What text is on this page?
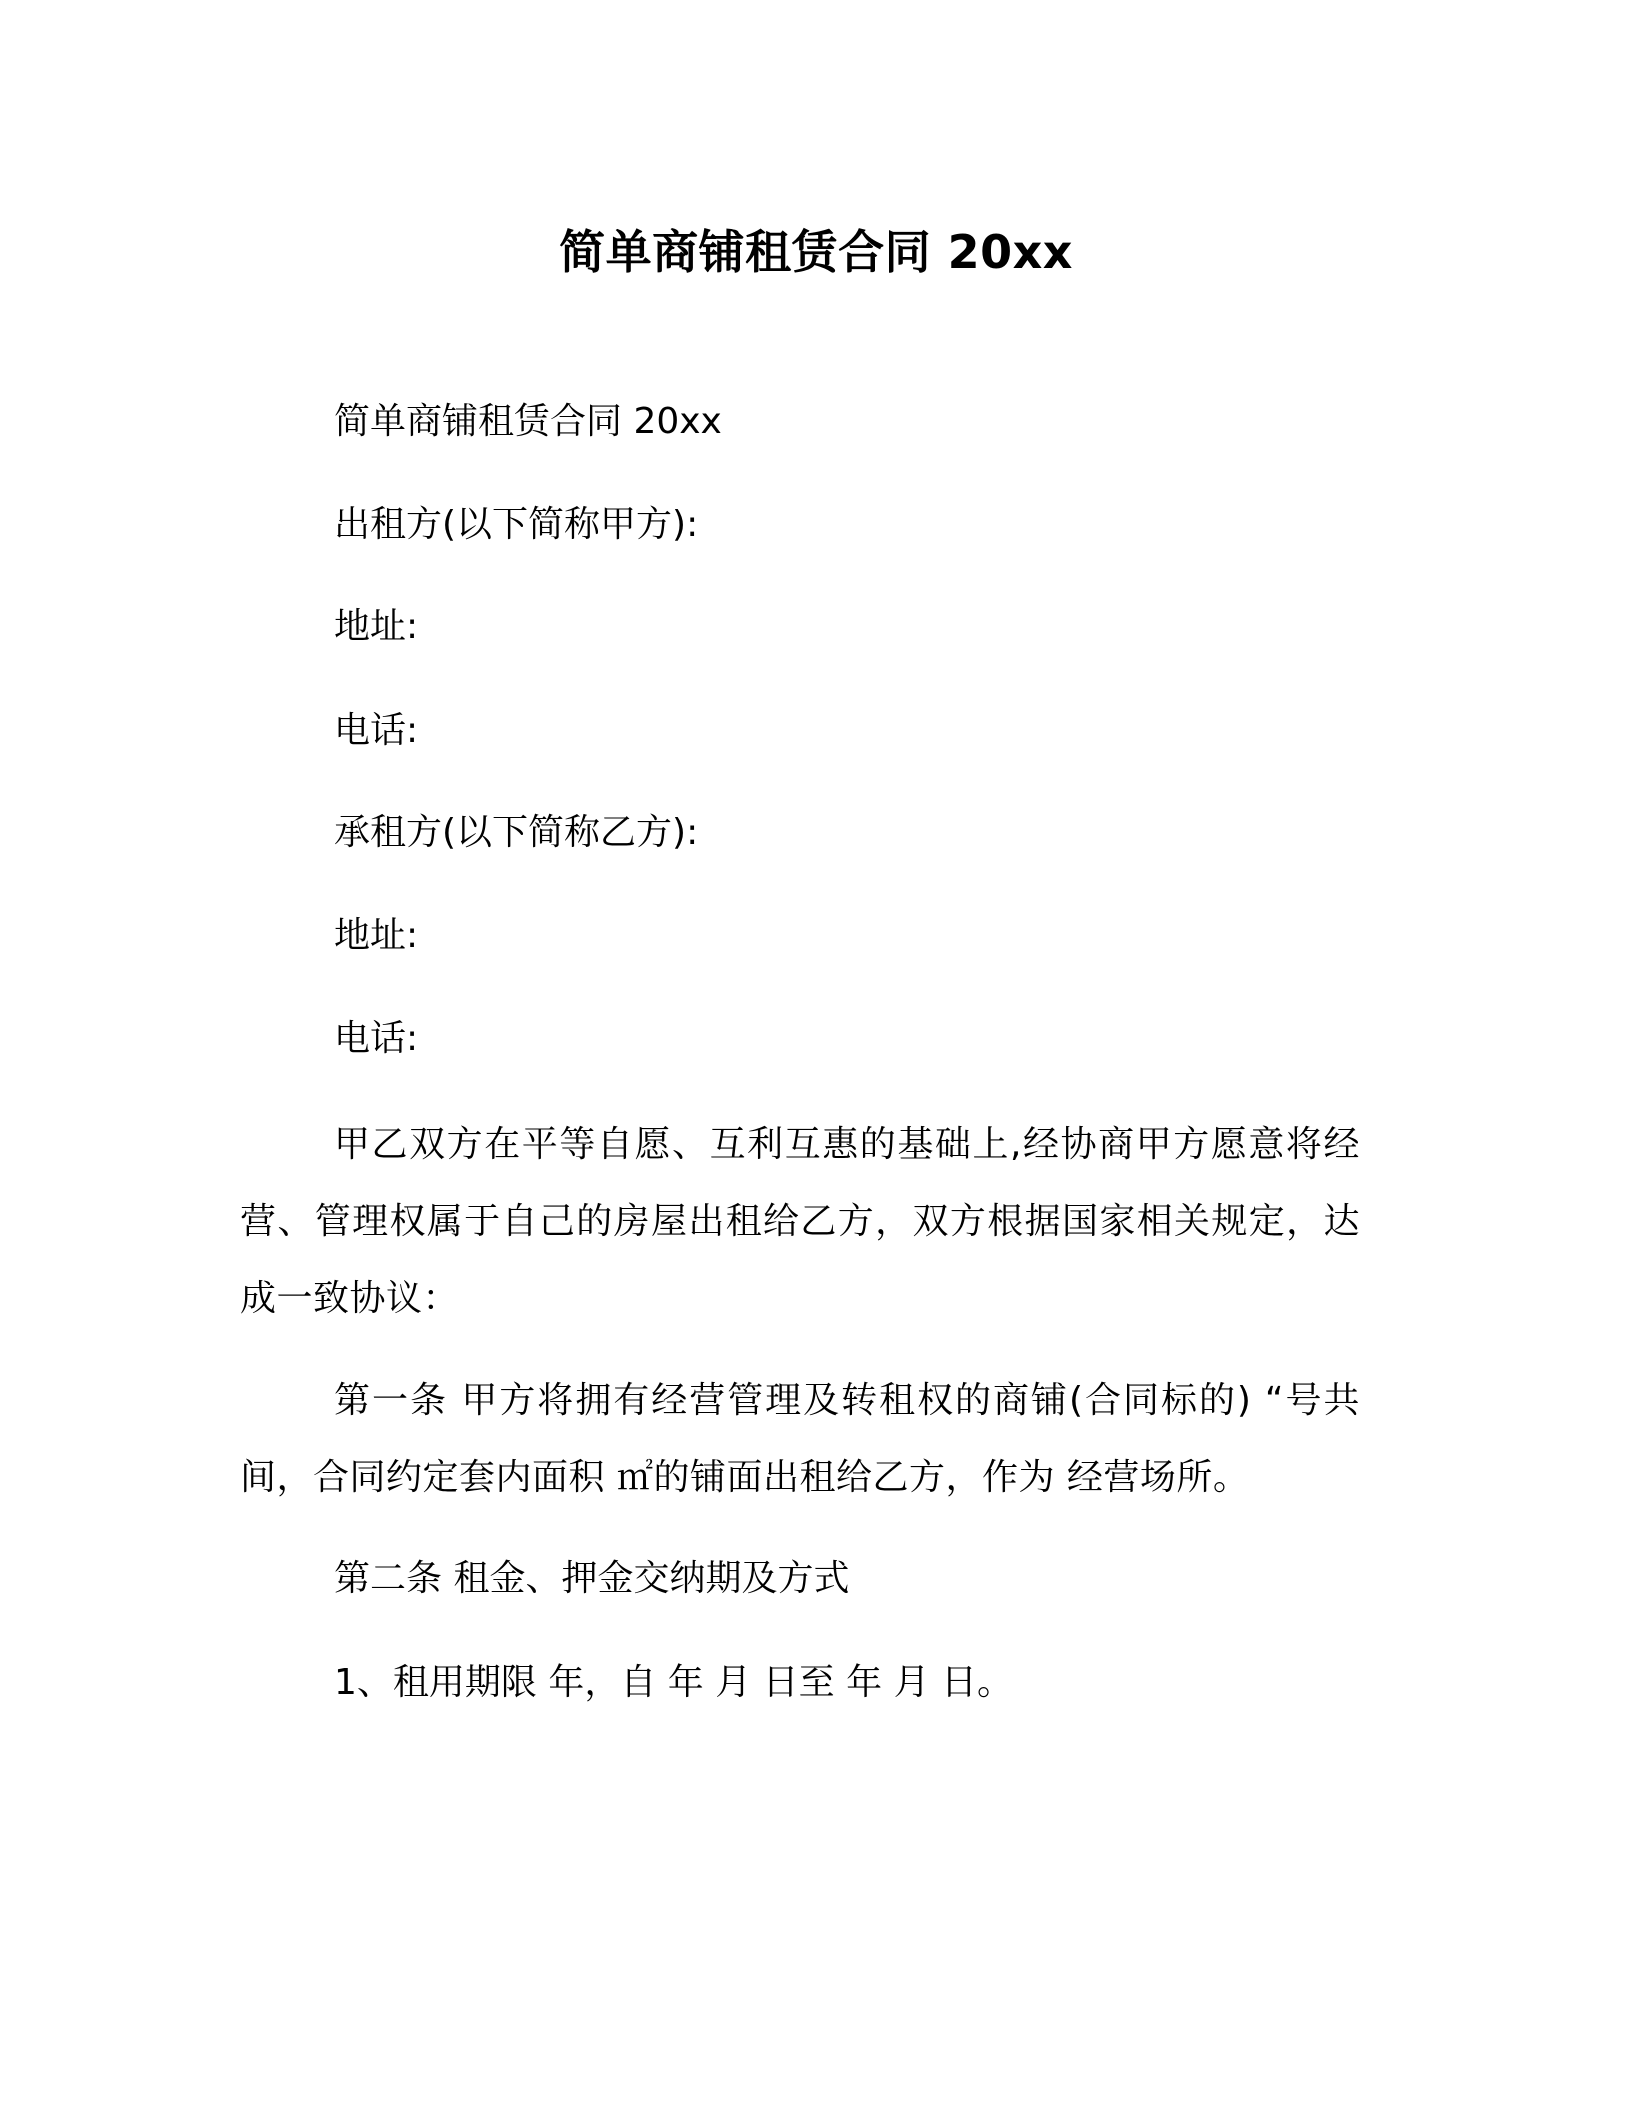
简单商铺租赁合同 20xx
简单商铺租赁合同 20xx
出租方(以下简称甲方):
地址:
电话:
承租方(以下简称乙方):
地址:
电话:
甲乙双方在平等自愿、互利互惠的基础上,经协商甲方愿意将经营、管理权属于自己的房屋出租给乙方，双方根据国家相关规定，达成一致协议：
第一条 甲方将拥有经营管理及转租权的商铺(合同标的) “号共间，合同约定套内面积 ㎡的铺面出租给乙方，作为 经营场所。
第二条 租金、押金交纳期及方式
1、租用期限 年，自 年 月 日至 年 月 日。
